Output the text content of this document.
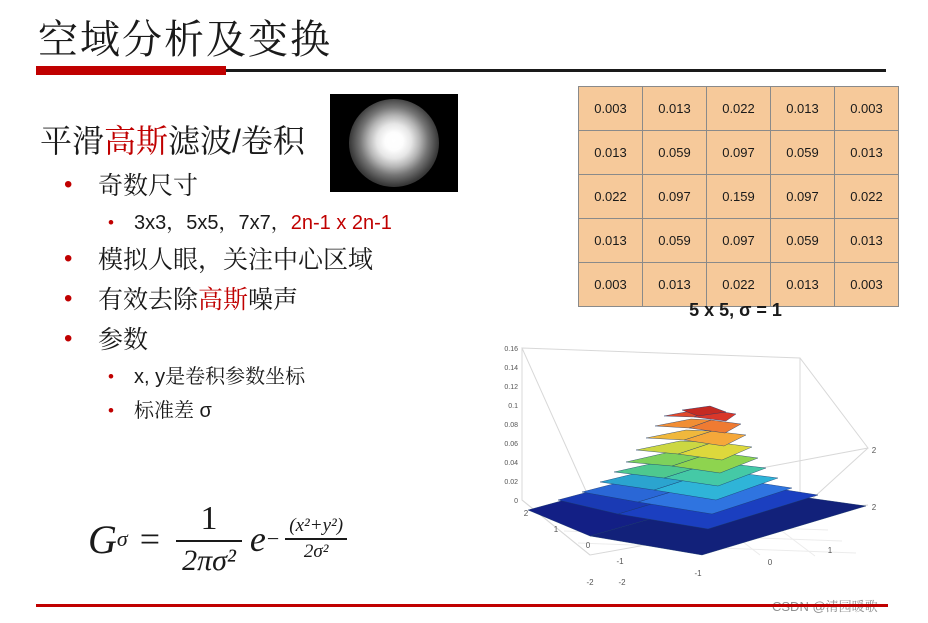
空域分析及变换
平滑高斯滤波/卷积
•	奇数尺寸
•	3x3，5x5，7x7，2n-1 x 2n-1
•	模拟人眼，关注中心区域
•	有效去除高斯噪声
•	参数
•	x, y是卷积参数坐标
•	标准差 σ
G $\sigma = \frac{1}{\text{2πσ²}}$ $e - \frac{\text{(x²+y²)}}{\text{2σ²}}$
0.003	0.013	0.022	0.013	0.003
0.013	0.059	0.097	0.059	0.013
0.022	0.097	0.159	0.097	0.022
0.013	0.059	0.097	0.059	0.013
0.003	0.013	0.022	0.013	0.003
5 x 5, σ = 1
0.16
0.14
0.12
0.1
0.08
0.06
0.04
0.02
0
2
1
0
-1
-2	-2
-1
0
1
2
2
